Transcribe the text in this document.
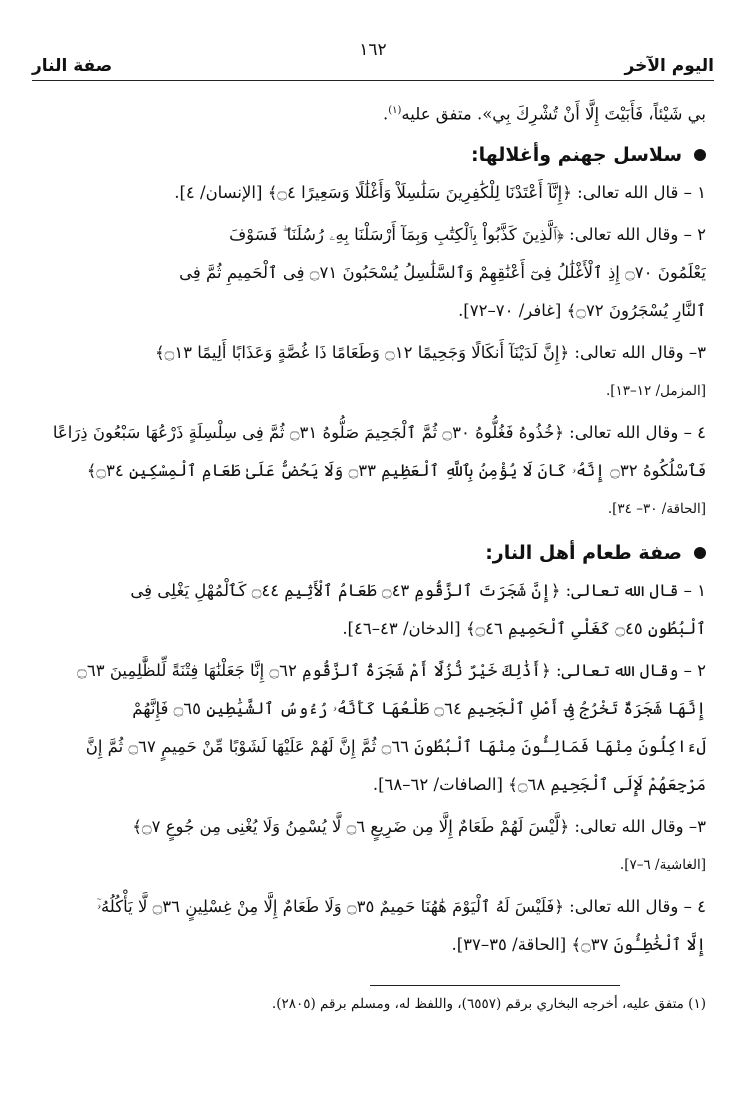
اليوم الآخر
١٦٢
صفة النار
بي شَيْئاً، فَأَبَيْتَ إِلَّا أَنْ تُشْرِكَ بِي». متفق عليه$^{(١)}$.
سلاسل جهنم وأغلالها:
١ – قال الله تعالى: ﴿إِنَّآ أَعْتَدْنَا لِلْكَٰفِرِينَ سَلَٰسِلَاْ وَأَغْلَٰلًا وَسَعِيرًا ۝٤﴾ [الإنسان/ ٤].
٢ – وقال الله تعالى: ﴿ٱلَّذِينَ كَذَّبُواْ بِٱلْكِتَٰبِ وَبِمَآ أَرْسَلْنَا بِهِۦ رُسُلَنَا ۖ فَسَوْفَ
يَعْلَمُونَ ۝٧٠ إِذِ ٱلْأَغْلَٰلُ فِىٓ أَعْنَٰقِهِمْ وَٱلسَّلَٰسِلُ يُسْحَبُونَ ۝٧١ فِى ٱلْحَمِيمِ ثُمَّ فِى
ٱلنَّارِ يُسْجَرُونَ ۝٧٢﴾ [غافر/ ٧٠–٧٢].
٣– وقال الله تعالى: ﴿إِنَّ لَدَيْنَآ أَنكَالًا وَجَحِيمًا ۝١٢ وَطَعَامًا ذَا غُصَّةٍ وَعَذَابًا أَلِيمًا ۝١٣﴾
[المزمل/ ١٢–١٣].
٤ – وقال الله تعالى: ﴿خُذُوهُ فَغُلُّوهُ ۝٣٠ ثُمَّ ٱلْجَحِيمَ صَلُّوهُ ۝٣١ ثُمَّ فِى سِلْسِلَةٍ ذَرْعُهَا سَبْعُونَ ذِرَاعًا
فَٱسْلُكُوهُ ۝٣٢ إِنَّهُۥ كَانَ لَا يُؤْمِنُ بِٱللَّهِ ٱلْعَظِيمِ ۝٣٣ وَلَا يَحُضُّ عَلَىٰ طَعَامِ ٱلْمِسْكِينِ ۝٣٤﴾
[الحاقة/ ٣٠– ٣٤].
صفة طعام أهل النار:
١ – قال الله تعالى: ﴿إِنَّ شَجَرَتَ ٱلزَّقُّومِ ۝٤٣ طَعَامُ ٱلْأَثِيمِ ۝٤٤ كَٱلْمُهْلِ يَغْلِى فِى
ٱلْبُطُونِ ۝٤٥ كَغَلْىِ ٱلْحَمِيمِ ۝٤٦﴾ [الدخان/ ٤٣–٤٦].
٢ – وقال الله تعالى: ﴿أَذَٰلِكَ خَيْرٌ نُّزُلًا أَمْ شَجَرَةُ ٱلزَّقُّومِ ۝٦٢ إِنَّا جَعَلْنَٰهَا فِتْنَةً لِّلظَّٰلِمِينَ ۝٦٣
إِنَّهَا شَجَرَةٌ تَخْرُجُ فِىٓ أَصْلِ ٱلْجَحِيمِ ۝٦٤ طَلْعُهَا كَأَنَّهُۥ رُءُوسُ ٱلشَّيَٰطِينِ ۝٦٥ فَإِنَّهُمْ
لَءَاكِلُونَ مِنْهَا فَمَالِـُٔونَ مِنْهَا ٱلْبُطُونَ ۝٦٦ ثُمَّ إِنَّ لَهُمْ عَلَيْهَا لَشَوْبًا مِّنْ حَمِيمٍ ۝٦٧ ثُمَّ إِنَّ
مَرْجِعَهُمْ لَإِلَى ٱلْجَحِيمِ ۝٦٨﴾ [الصافات/ ٦٢–٦٨].
٣– وقال الله تعالى: ﴿لَّيْسَ لَهُمْ طَعَامٌ إِلَّا مِن ضَرِيعٍ ۝٦ لَّا يُسْمِنُ وَلَا يُغْنِى مِن جُوعٍ ۝٧﴾
[الغاشية/ ٦–٧].
٤ – وقال الله تعالى: ﴿فَلَيْسَ لَهُ ٱلْيَوْمَ هَٰهُنَا حَمِيمٌ ۝٣٥ وَلَا طَعَامٌ إِلَّا مِنْ غِسْلِينٍ ۝٣٦ لَّا يَأْكُلُهُۥٓ
إِلَّا ٱلْخَٰطِـُٔونَ ۝٣٧﴾ [الحاقة/ ٣٥–٣٧].
(١) متفق عليه، أخرجه البخاري برقم (٦٥٥٧)، واللفظ له، ومسلم برقم (٢٨٠٥).
